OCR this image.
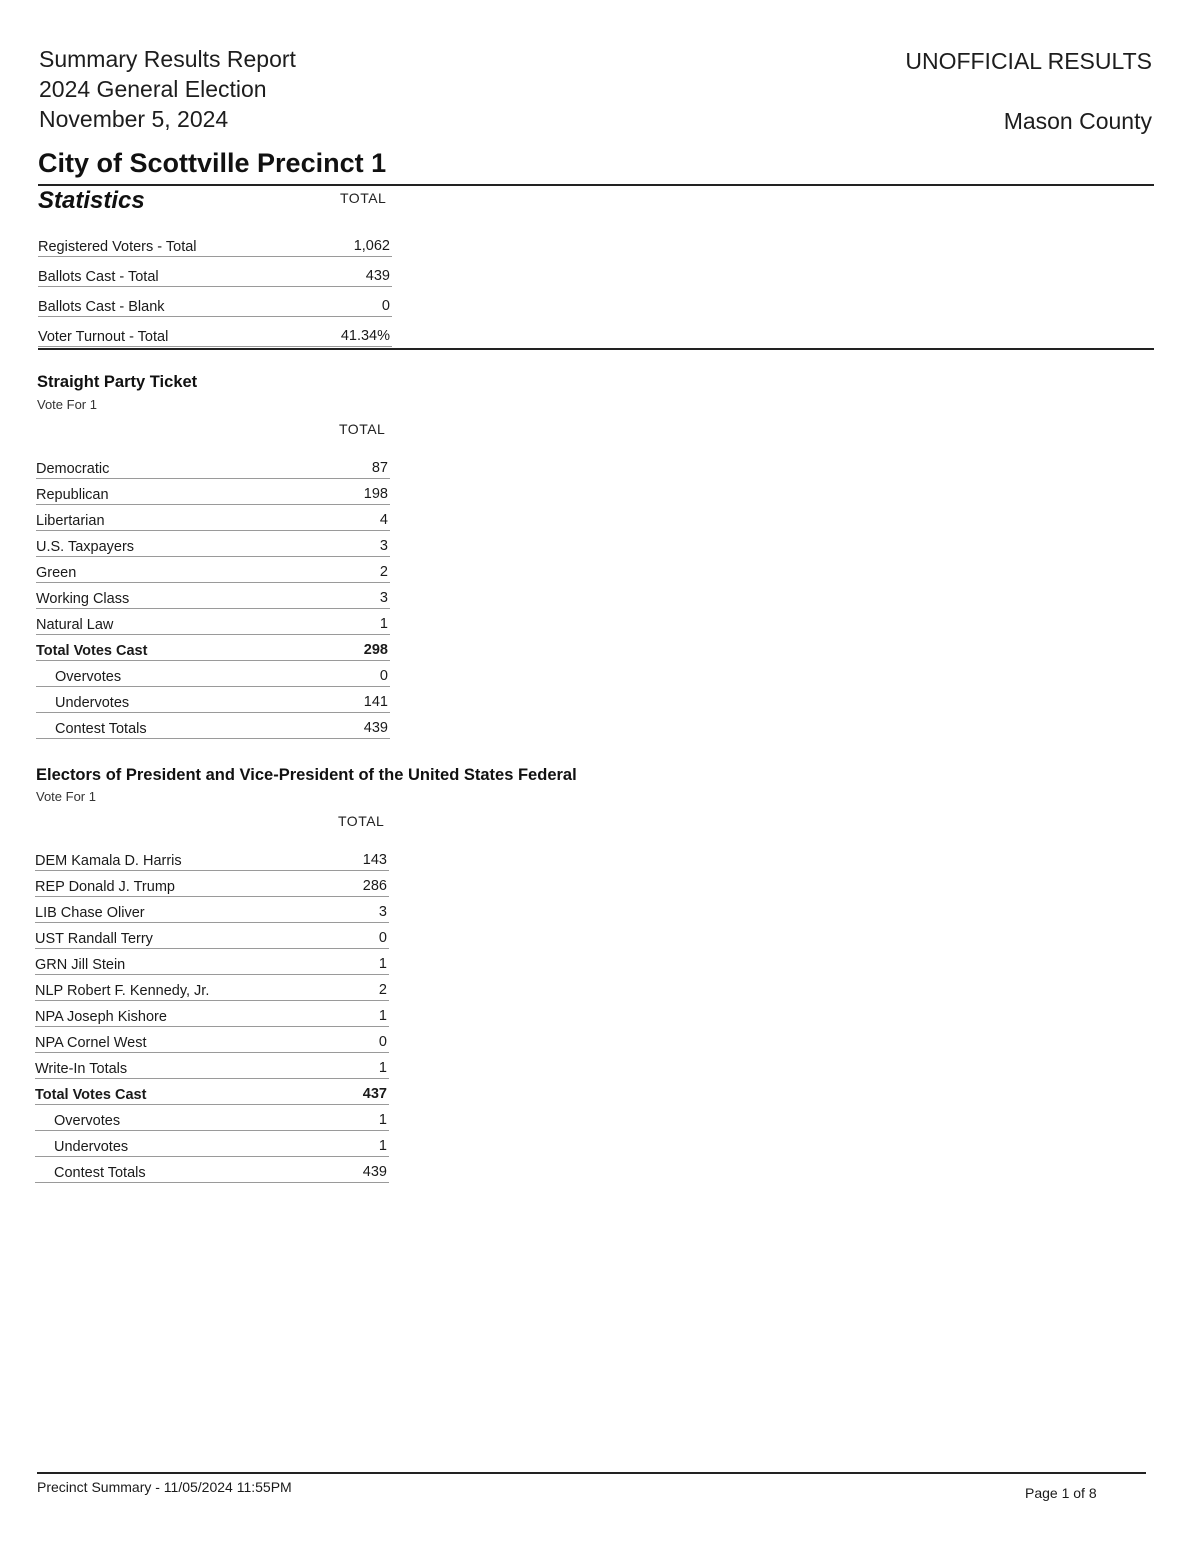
Summary Results Report
2024 General Election
November 5, 2024
UNOFFICIAL RESULTS
Mason County
City of Scottville Precinct 1
Statistics	TOTAL
Registered Voters - Total	1,062
Ballots Cast - Total	439
Ballots Cast - Blank	0
Voter Turnout - Total	41.34%
Straight Party Ticket
Vote For 1
TOTAL
Democratic	87
Republican	198
Libertarian	4
U.S. Taxpayers	3
Green	2
Working Class	3
Natural Law	1
Total Votes Cast	298
Overvotes	0
Undervotes	141
Contest Totals	439
Electors of President and Vice-President of the United States Federal
Vote For 1
TOTAL
DEM Kamala D. Harris	143
REP Donald J. Trump	286
LIB Chase Oliver	3
UST Randall Terry	0
GRN Jill Stein	1
NLP Robert F. Kennedy, Jr.	2
NPA Joseph Kishore	1
NPA Cornel West	0
Write-In Totals	1
Total Votes Cast	437
Overvotes	1
Undervotes	1
Contest Totals	439
Precinct Summary - 11/05/2024 11:55PM	Page 1 of 8
